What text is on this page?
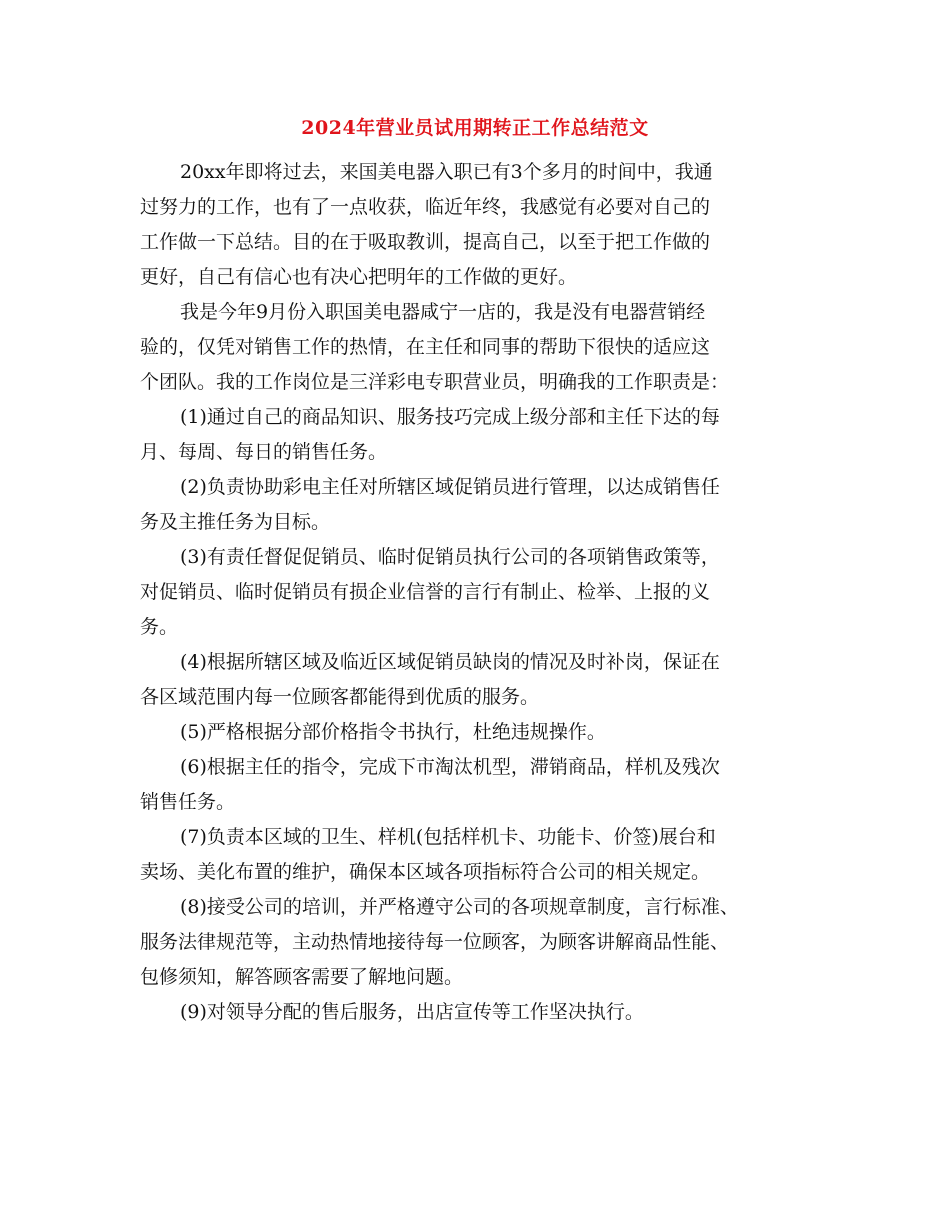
2024年营业员试用期转正工作总结范文
20xx年即将过去，来国美电器入职已有3个多月的时间中，我通
过努力的工作，也有了一点收获，临近年终，我感觉有必要对自己的
工作做一下总结。目的在于吸取教训，提高自己，以至于把工作做的
更好，自己有信心也有决心把明年的工作做的更好。
我是今年9月份入职国美电器咸宁一店的，我是没有电器营销经
验的，仅凭对销售工作的热情，在主任和同事的帮助下很快的适应这
个团队。我的工作岗位是三洋彩电专职营业员，明确我的工作职责是：
(1)通过自己的商品知识、服务技巧完成上级分部和主任下达的每
月、每周、每日的销售任务。
(2)负责协助彩电主任对所辖区域促销员进行管理，以达成销售任
务及主推任务为目标。
(3)有责任督促促销员、临时促销员执行公司的各项销售政策等，
对促销员、临时促销员有损企业信誉的言行有制止、检举、上报的义
务。
(4)根据所辖区域及临近区域促销员缺岗的情况及时补岗，保证在
各区域范围内每一位顾客都能得到优质的服务。
(5)严格根据分部价格指令书执行，杜绝违规操作。
(6)根据主任的指令，完成下市淘汰机型，滞销商品，样机及残次
销售任务。
(7)负责本区域的卫生、样机(包括样机卡、功能卡、价签)展台和
卖场、美化布置的维护，确保本区域各项指标符合公司的相关规定。
(8)接受公司的培训，并严格遵守公司的各项规章制度，言行标准、
服务法律规范等，主动热情地接待每一位顾客，为顾客讲解商品性能、
包修须知，解答顾客需要了解地问题。
(9)对领导分配的售后服务，出店宣传等工作坚决执行。
